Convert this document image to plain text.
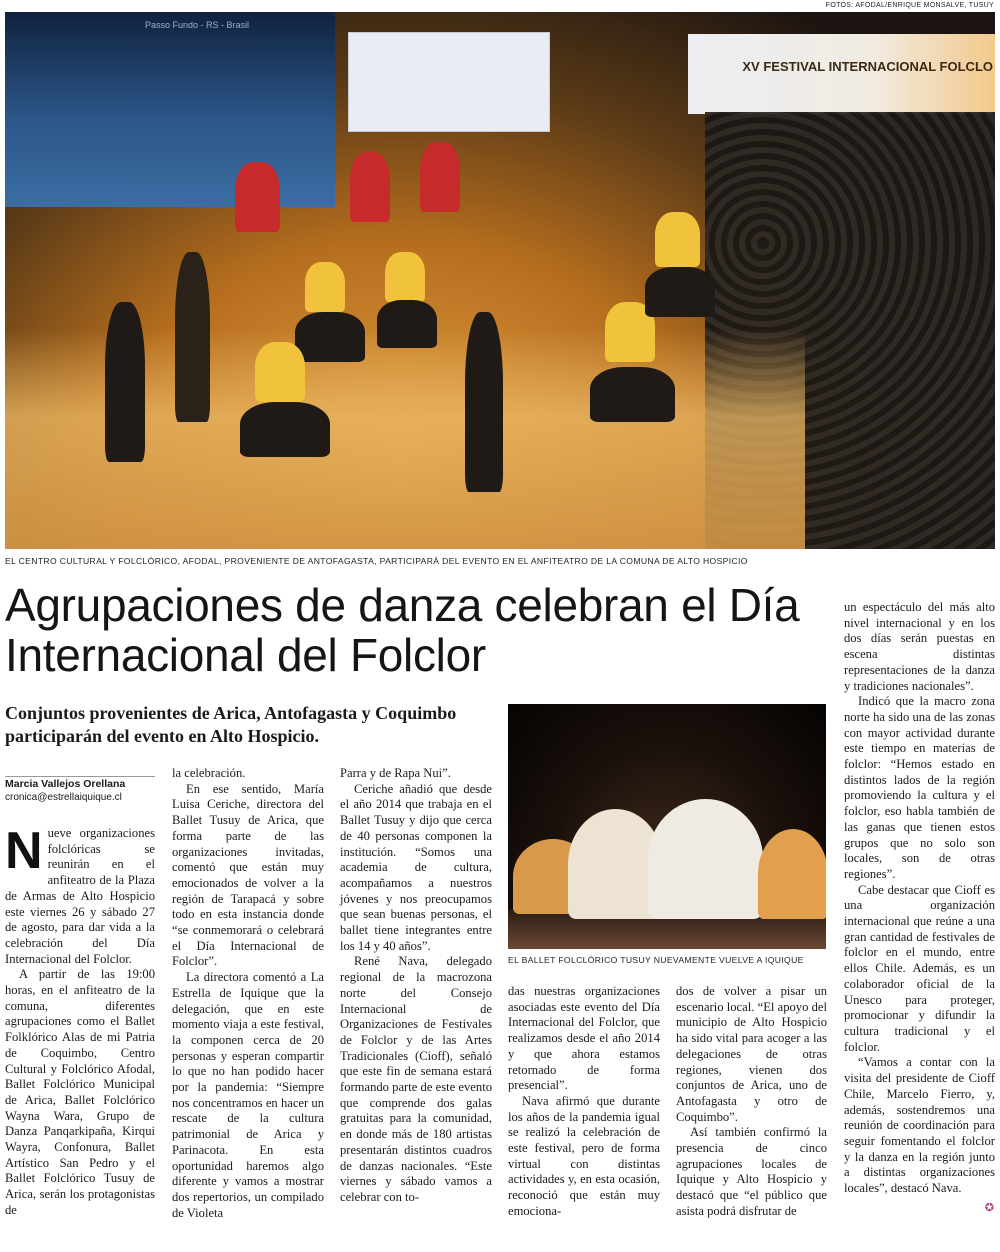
FOTOS: AFODAL/ENRIQUE MONSALVE, TUSUY
Passo Fundo - RS - Brasil
XV FESTIVAL INTERNACIONAL FOLCLO
EL CENTRO CULTURAL Y FOLCLÓRICO, AFODAL, PROVENIENTE DE ANTOFAGASTA, PARTICIPARÁ DEL EVENTO EN EL ANFITEATRO DE LA COMUNA DE ALTO HOSPICIO
Agrupaciones de danza celebran el Día Internacional del Folclor
Conjuntos provenientes de Arica, Antofagasta y Coquimbo participarán del evento en Alto Hospicio.
Marcia Vallejos Orellana
cronica@estrellaiquique.cl

Nueve organizaciones folclóricas se reunirán en el anfiteatro de la Plaza de Armas de Alto Hospicio este viernes 26 y sábado 27 de agosto, para dar vida a la celebración del Día Internacional del Folclor.

A partir de las 19:00 horas, en el anfiteatro de la comuna, diferentes agrupaciones como el Ballet Folklórico Alas de mi Patria de Coquimbo, Centro Cultural y Folclórico Afodal, Ballet Folclórico Municipal de Arica, Ballet Folclórico Wayna Wara, Grupo de Danza Panqarkipaña, Kirqui Wayra, Confonura, Ballet Artístico San Pedro y el Ballet Folclórico Tusuy de Arica, serán los protagonistas de

la celebración.

En ese sentido, María Luisa Ceriche, directora del Ballet Tusuy de Arica, que forma parte de las organizaciones invitadas, comentó que están muy emocionados de volver a la región de Tarapacá y sobre todo en esta instancia donde “se conmemorará o celebrará el Día Internacional de Folclor”.

La directora comentó a La Estrella de Iquique que la delegación, que en este momento viaja a este festival, la componen cerca de 20 personas y esperan compartir lo que no han podido hacer por la pandemia: “Siempre nos concentramos en hacer un rescate de la cultura patrimonial de Arica y Parinacota. En esta oportunidad haremos algo diferente y vamos a mostrar dos repertorios, un compilado de Violeta

Parra y de Rapa Nui”.

Ceriche añadió que desde el año 2014 que trabaja en el Ballet Tusuy y dijo que cerca de 40 personas componen la institución. “Somos una academia de cultura, acompañamos a nuestros jóvenes y nos preocupamos que sean buenas personas, el ballet tiene integrantes entre los 14 y 40 años”.

René Nava, delegado regional de la macrozona norte del Consejo Internacional de Organizaciones de Festivales de Folclor y de las Artes Tradicionales (Cioff), señaló que este fin de semana estará formando parte de este evento que comprende dos galas gratuitas para la comunidad, en donde más de 180 artistas presentarán distintos cuadros de danzas nacionales. “Este viernes y sábado vamos a celebrar con to-

EL BALLET FOLCLÓRICO TUSUY NUEVAMENTE VUELVE A IQUIQUE

das nuestras organizaciones asociadas este evento del Día Internacional del Folclor, que realizamos desde el año 2014 y que ahora estamos retornado de forma presencial”.

Nava afirmó que durante los años de la pandemia igual se realizó la celebración de este festival, pero de forma virtual con distintas actividades y, en esta ocasión, reconoció que están muy emociona-

dos de volver a pisar un escenario local. “El apoyo del municipio de Alto Hospicio ha sido vital para acoger a las delegaciones de otras regiones, vienen dos conjuntos de Arica, uno de Antofagasta y otro de Coquimbo”.

Así también confirmó la presencia de cinco agrupaciones locales de Iquique y Alto Hospicio y destacó que “el público que asista podrá disfrutar de

un espectáculo del más alto nivel internacional y en los dos días serán puestas en escena distintas representaciones de la danza y tradiciones nacionales”.

Indicó que la macro zona norte ha sido una de las zonas con mayor actividad durante este tiempo en materias de folclor: “Hemos estado en distintos lados de la región promoviendo la cultura y el folclor, eso habla también de las ganas que tienen estos grupos que no solo son locales, son de otras regiones”.

Cabe destacar que Cioff es una organización internacional que reúne a una gran cantidad de festivales de folclor en el mundo, entre ellos Chile. Además, es un colaborador oficial de la Unesco para proteger, promocionar y difundir la cultura tradicional y el folclor.

“Vamos a contar con la visita del presidente de Cioff Chile, Marcelo Fierro, y, además, sostendremos una reunión de coordinación para seguir fomentando el folclor y la danza en la región junto a distintas organizaciones locales”, destacó Nava.

✪
